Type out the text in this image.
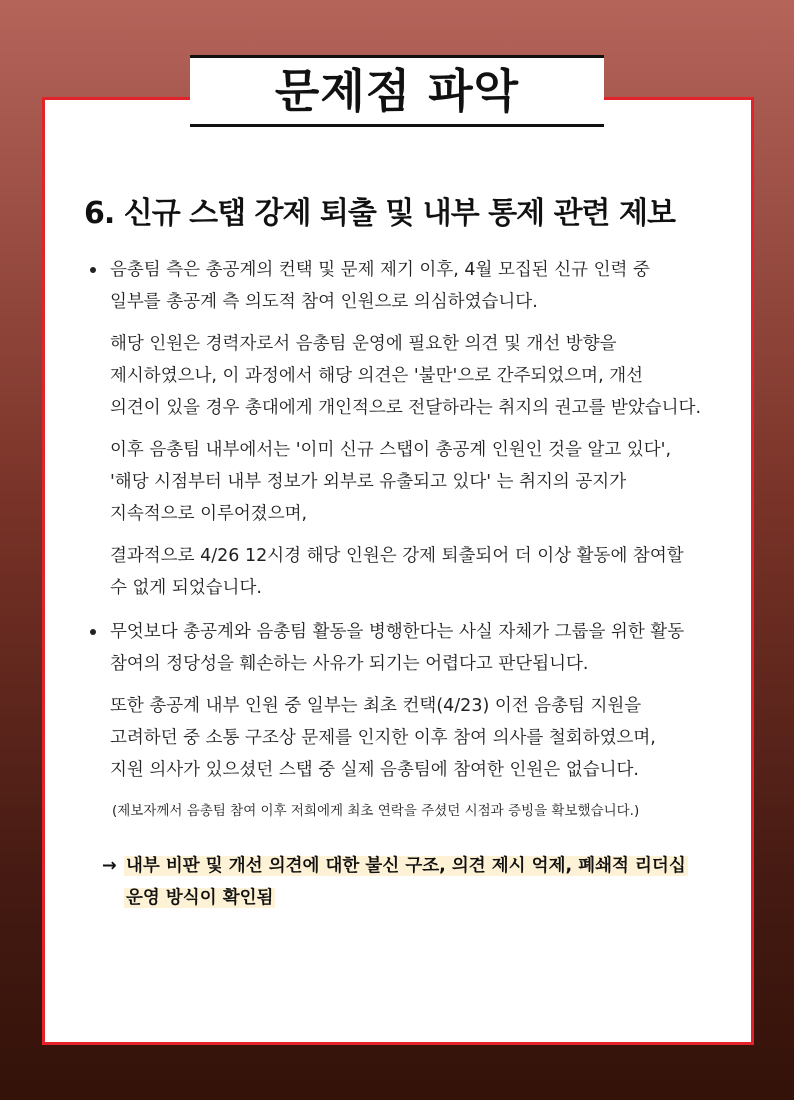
문제점 파악
6. 신규 스탭 강제 퇴출 및 내부 통제 관련 제보
음총팀 측은 총공계의 컨택 및 문제 제기 이후, 4월 모집된 신규 인력 중
일부를 총공계 측 의도적 참여 인원으로 의심하였습니다.
해당 인원은 경력자로서 음총팀 운영에 필요한 의견 및 개선 방향을
제시하였으나, 이 과정에서 해당 의견은 '불만'으로 간주되었으며, 개선
의견이 있을 경우 총대에게 개인적으로 전달하라는 취지의 권고를 받았습니다.
이후 음총팀 내부에서는 '이미 신규 스탭이 총공계 인원인 것을 알고 있다',
'해당 시점부터 내부 정보가 외부로 유출되고 있다' 는 취지의 공지가
지속적으로 이루어졌으며,
결과적으로 4/26 12시경 해당 인원은 강제 퇴출되어 더 이상 활동에 참여할
수 없게 되었습니다.
무엇보다 총공계와 음총팀 활동을 병행한다는 사실 자체가 그룹을 위한 활동
참여의 정당성을 훼손하는 사유가 되기는 어렵다고 판단됩니다.
또한 총공계 내부 인원 중 일부는 최초 컨택(4/23) 이전 음총팀 지원을
고려하던 중 소통 구조상 문제를 인지한 이후 참여 의사를 철회하였으며,
지원 의사가 있으셨던 스탭 중 실제 음총팀에 참여한 인원은 없습니다.
(제보자께서 음총팀 참여 이후 저희에게 최초 연락을 주셨던 시점과 증빙을 확보했습니다.)
→ 내부 비판 및 개선 의견에 대한 불신 구조, 의견 제시 억제, 폐쇄적 리더십
운영 방식이 확인됨
